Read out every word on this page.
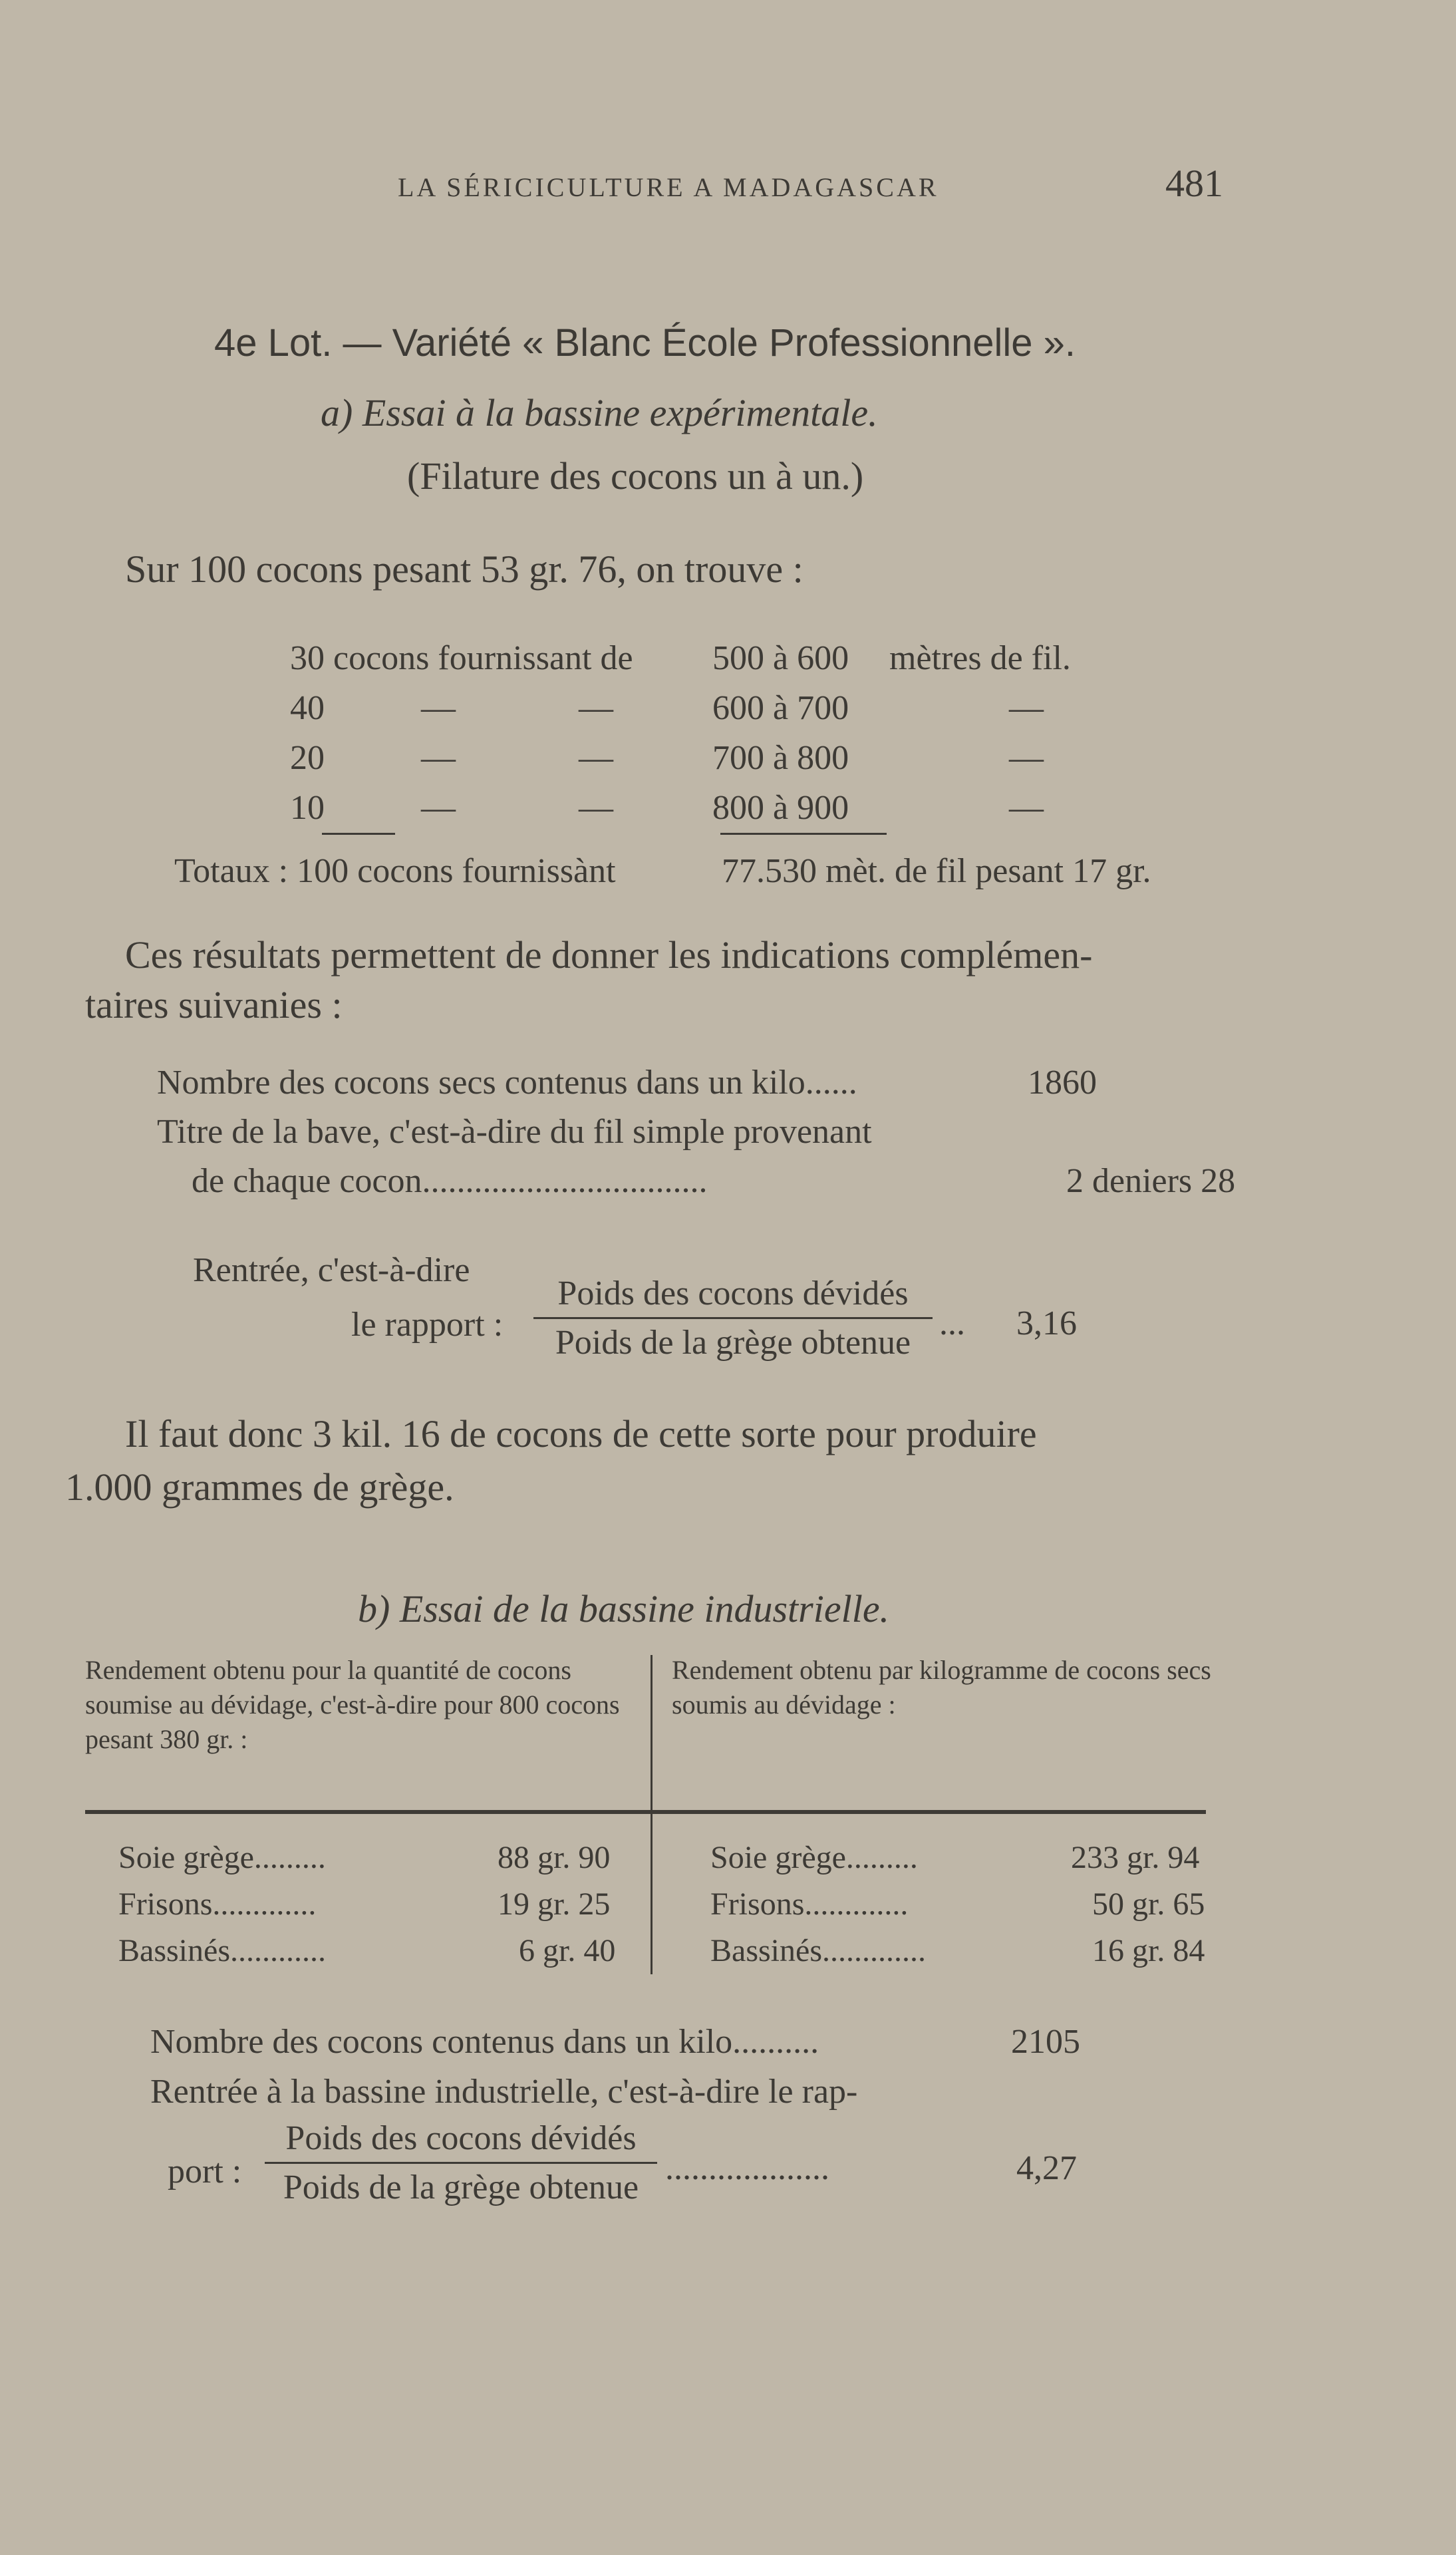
LA SÉRICICULTURE A MADAGASCAR	481
4e Lot. — Variété « Blanc École Professionnelle ».
a) Essai à la bassine expérimentale.
(Filature des cocons un à un.)
Sur 100 cocons pesant 53 gr. 76, on trouve :
30 cocons fournissant de 500 à 600 mètres de fil.
40	—	—	600 à 700	—
20	—	—	700 à 800	—
10	—	—	800 à 900	—
Totaux : 100 cocons fournissànt	77.530 mèt. de fil pesant 17 gr.
Ces résultats permettent de donner les indications complémen-
taires suivanies :
Nombre des cocons secs contenus dans un kilo......	1860
Titre de la bave, c'est-à-dire du fil simple provenant
de chaque cocon.................................	2 deniers 28
Rentrée, c'est-à-dire
le rapport :
Poids des cocons dévidés
Poids de la grège obtenue
... 3,16
Il faut donc 3 kil. 16 de cocons de cette sorte pour produire
1.000 grammes de grège.
b) Essai de la bassine industrielle.
Rendement obtenu pour la quantité de cocons soumise au dévidage, c'est-à-dire pour 800 cocons pesant 380 gr. :
Rendement obtenu par kilogramme de cocons secs soumis au dévidage :
Soie grège.........	88 gr. 90
Frisons.............	19 gr. 25
Bassinés............	6 gr. 40
Soie grège.........	233 gr. 94
Frisons.............	50 gr. 65
Bassinés.............	16 gr. 84
Nombre des cocons contenus dans un kilo..........	2105
Rentrée à la bassine industrielle, c'est-à-dire le rap-
port :
Poids des cocons dévidés
Poids de la grège obtenue
...................	4,27
